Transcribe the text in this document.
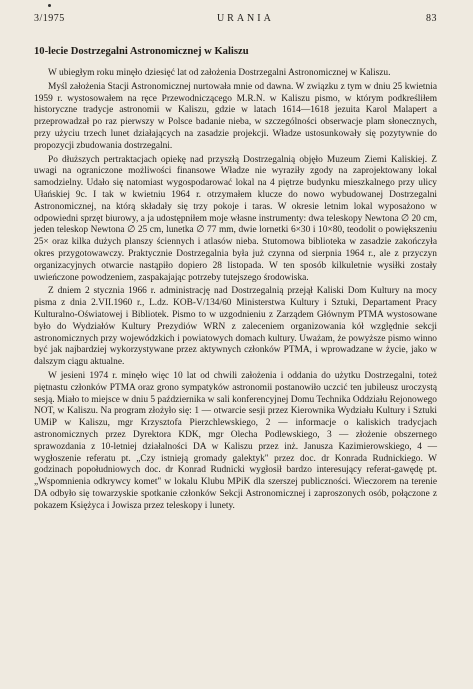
3/1975	URANIA	83
10-lecie Dostrzegalni Astronomicznej w Kaliszu

W ubiegłym roku minęło dziesięć lat od założenia Dostrzegalni Astronomicznej w Kaliszu.

Myśl założenia Stacji Astronomicznej nurtowała mnie od dawna. W związku z tym w dniu 25 kwietnia 1959 r. wystosowałem na ręce Przewodniczącego M.R.N. w Kaliszu pismo, w którym podkreśliłem historyczne tradycje astronomii w Kaliszu, gdzie w latach 1614—1618 jezuita Karol Malapert a przeprowadzał po raz pierwszy w Polsce badanie nieba, w szczególności obserwacje plam słonecznych, przy użyciu trzech lunet działających na zasadzie projekcji. Władze ustosunkowały się pozytywnie do propozycji zbudowania dostrzegalni.

Po dłuższych pertraktacjach opiekę nad przyszłą Dostrzegalnią objęło Muzeum Ziemi Kaliskiej. Z uwagi na ograniczone możliwości finansowe Władze nie wyraziły zgody na zaprojektowany lokal samodzielny. Udało się natomiast wygospodarować lokal na 4 piętrze budynku mieszkalnego przy ulicy Ułańskiej 9c. I tak w kwietniu 1964 r. otrzymałem klucze do nowo wybudowanej Dostrzegalni Astronomicznej, na którą składały się trzy pokoje i taras. W okresie letnim lokal wyposażono w odpowiedni sprzęt biurowy, a ja udostępniłem moje własne instrumenty: dwa teleskopy Newtona ∅ 20 cm, jeden teleskop Newtona ∅ 25 cm, lunetka ∅ 77 mm, dwie lornetki 6×30 i 10×80, teodolit o powiększeniu 25× oraz kilka dużych planszy ściennych i atlasów nieba. Stutomowa biblioteka w zasadzie zakończyła okres przygotowawczy. Praktycznie Dostrzegalnia była już czynna od sierpnia 1964 r., ale z przyczyn organizacyjnych otwarcie nastąpiło dopiero 28 listopada. W ten sposób kilkuletnie wysiłki zostały uwieńczone powodzeniem, zaspakajając potrzeby tutejszego środowiska.

Z dniem 2 stycznia 1966 r. administrację nad Dostrzegalnią przejął Kaliski Dom Kultury na mocy pisma z dnia 2.VII.1960 r., L.dz. KOB-V/134/60 Ministerstwa Kultury i Sztuki, Departament Pracy Kulturalno-Oświatowej i Bibliotek. Pismo to w uzgodnieniu z Zarządem Głównym PTMA wystosowane było do Wydziałów Kultury Prezydiów WRN z zaleceniem organizowania kół względnie sekcji astronomicznych przy wojewódzkich i powiatowych domach kultury. Uważam, że powyższe pismo winno być jak najbardziej wykorzystywane przez aktywnych członków PTMA, i wprowadzane w życie, jako w dalszym ciągu aktualne.

W jesieni 1974 r. minęło więc 10 lat od chwili założenia i oddania do użytku Dostrzegalni, toteż piętnastu członków PTMA oraz grono sympatyków astronomii postanowiło uczcić ten jubileusz uroczystą sesją. Miało to miejsce w dniu 5 października w sali konferencyjnej Domu Technika Oddziału Rejonowego NOT, w Kaliszu. Na program złożyło się: 1 — otwarcie sesji przez Kierownika Wydziału Kultury i Sztuki UMiP w Kaliszu, mgr Krzysztofa Pierzchlewskiego, 2 — informacje o kaliskich tradycjach astronomicznych przez Dyrektora KDK, mgr Olecha Podlewskiego, 3 — złożenie obszernego sprawozdania z 10-letniej działalności DA w Kaliszu przez inż. Janusza Kazimierowskiego, 4 — wygłoszenie referatu pt. „Czy istnieją gromady galektyk" przez doc. dr Konrada Rudnickiego. W godzinach popołudniowych doc. dr Konrad Rudnicki wygłosił bardzo interesujący referat-gawędę pt. „Wspomnienia odkrywcy komet" w lokalu Klubu MPiK dla szerszej publiczności. Wieczorem na terenie DA odbyło się towarzyskie spotkanie członków Sekcji Astronomicznej i zaproszonych osób, połączone z pokazem Księżyca i Jowisza przez teleskopy i lunety.
